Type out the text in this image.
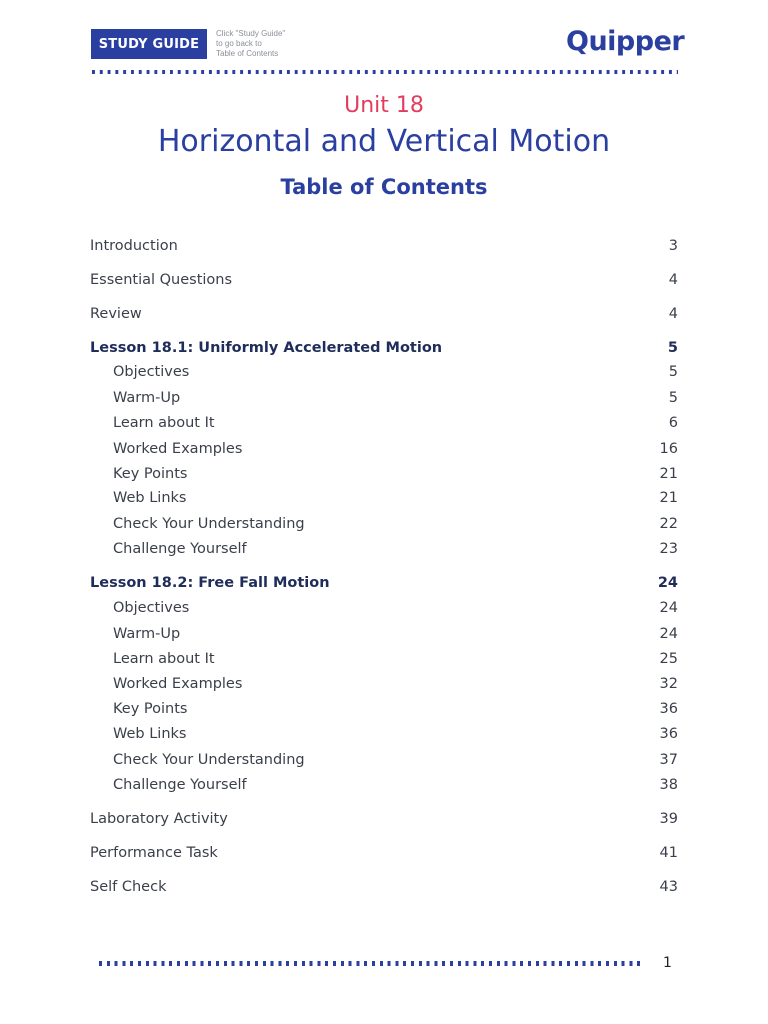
STUDY GUIDE
Click "Study Guide"
to go back to
Table of Contents	Quipper
Unit 18
Horizontal and Vertical Motion
Table of Contents
Introduction	3
Essential Questions	4
Review	4
Lesson 18.1: Uniformly Accelerated Motion	5
Objectives	5
Warm-Up	5
Learn about It	6
Worked Examples	16
Key Points	21
Web Links	21
Check Your Understanding	22
Challenge Yourself	23
Lesson 18.2: Free Fall Motion	24
Objectives	24
Warm-Up	24
Learn about It	25
Worked Examples	32
Key Points	36
Web Links	36
Check Your Understanding	37
Challenge Yourself	38
Laboratory Activity	39
Performance Task	41
Self Check	43
1
